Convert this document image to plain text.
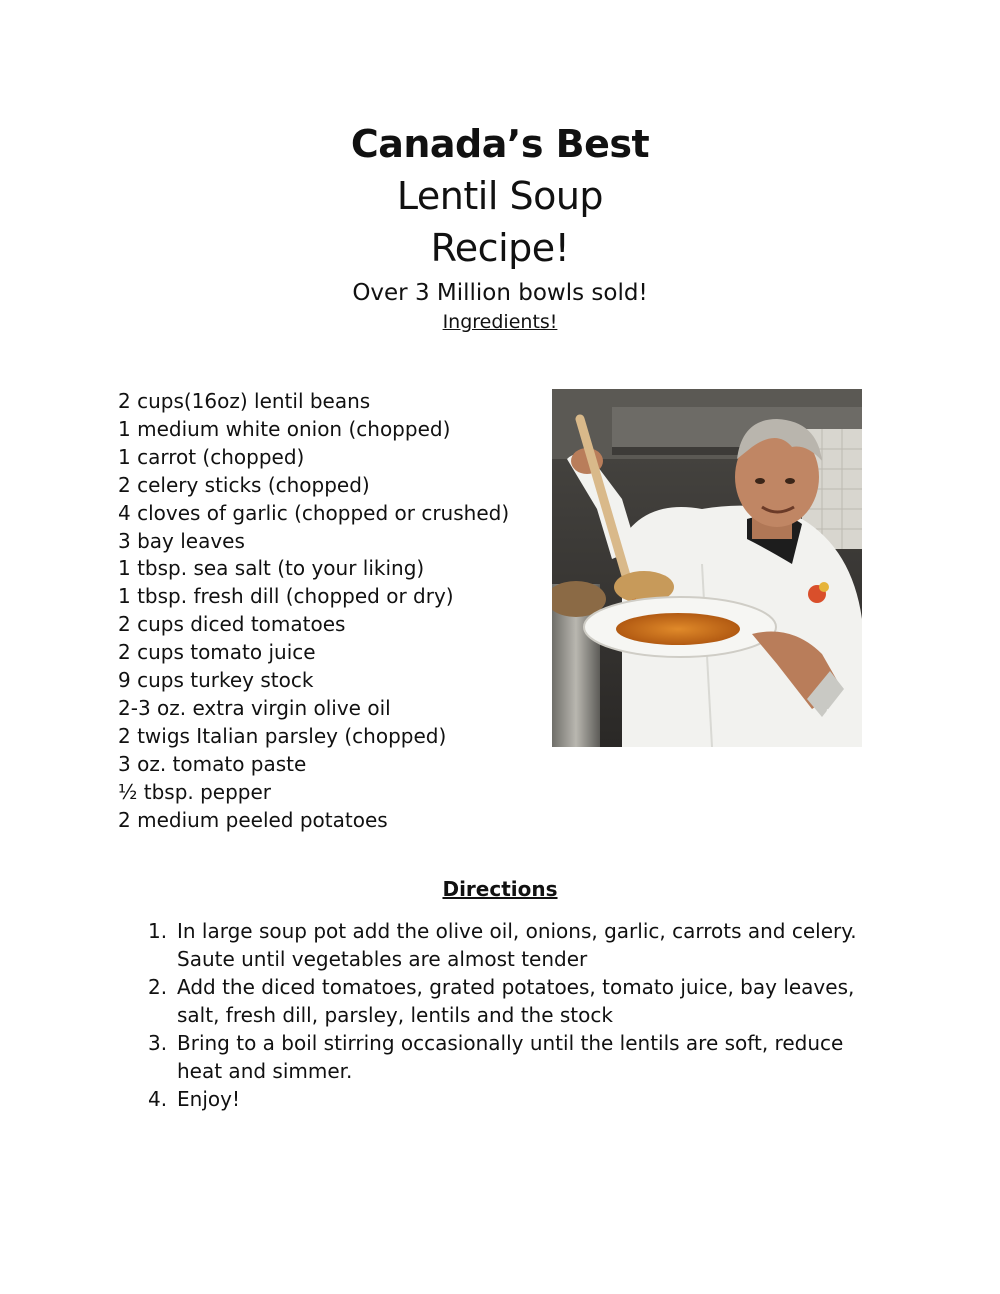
Canada’s Best
Lentil Soup
Recipe!
Over 3 Million bowls sold!
Ingredients!
2 cups(16oz) lentil beans
1 medium white onion (chopped)
1 carrot (chopped)
2 celery sticks (chopped)
4 cloves of garlic (chopped or crushed)
3 bay leaves
1 tbsp. sea salt (to your liking)
1 tbsp. fresh dill (chopped or dry)
2 cups diced tomatoes
2 cups tomato juice
9 cups turkey stock
2-3 oz. extra virgin olive oil
2 twigs Italian parsley (chopped)
3 oz. tomato paste
½ tbsp. pepper
2 medium peeled potatoes
Directions
1. In large soup pot add the olive oil, onions, garlic, carrots and celery. Saute until vegetables are almost tender
2. Add the diced tomatoes, grated potatoes, tomato juice, bay leaves, salt, fresh dill, parsley, lentils and the stock
3. Bring to a boil stirring occasionally until the lentils are soft, reduce heat and simmer.
4. Enjoy!
